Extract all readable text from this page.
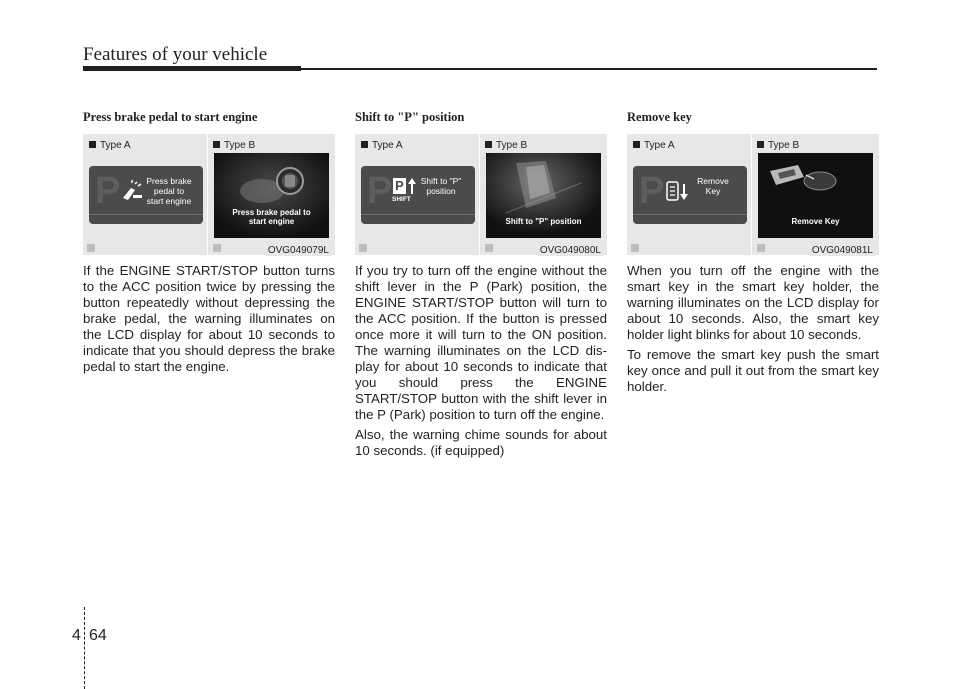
Features of your vehicle
Press brake pedal to start engine
Type A	Type B
P	Press brake
pedal to
start engine
Press brake pedal to
start engine
OVG049079L

If the ENGINE START/STOP button turns to the ACC position twice by pressing the button repeatedly without depressing the brake pedal, the warning illuminates on the LCD display for about 10 seconds to indicate that you should depress the brake pedal to start the engine.

Shift to "P" position
Type A	Type B
P P
SHIFT
Shift to "P"
position
Shift to "P" position
OVG049080L

If you try to turn off the engine without the shift lever in the P (Park) position, the ENGINE START/STOP button will turn to the ACC position. If the button is pressed once more it will turn to the ON position. The warning illuminates on the LCD dis-play for about 10 seconds to indicate that you should press the ENGINE START/STOP button with the shift lever in the P (Park) position to turn off the engine.

Also, the warning chime sounds for about 10 seconds. (if equipped)

Remove key
Type A	Type B
P	Remove
Key
Remove Key
OVG049081L

When you turn off the engine with the smart key in the smart key holder, the warning illuminates on the LCD display for about 10 seconds. Also, the smart key holder light blinks for about 10 seconds.

To remove the smart key push the smart key once and pull it out from the smart key holder.

4 64
